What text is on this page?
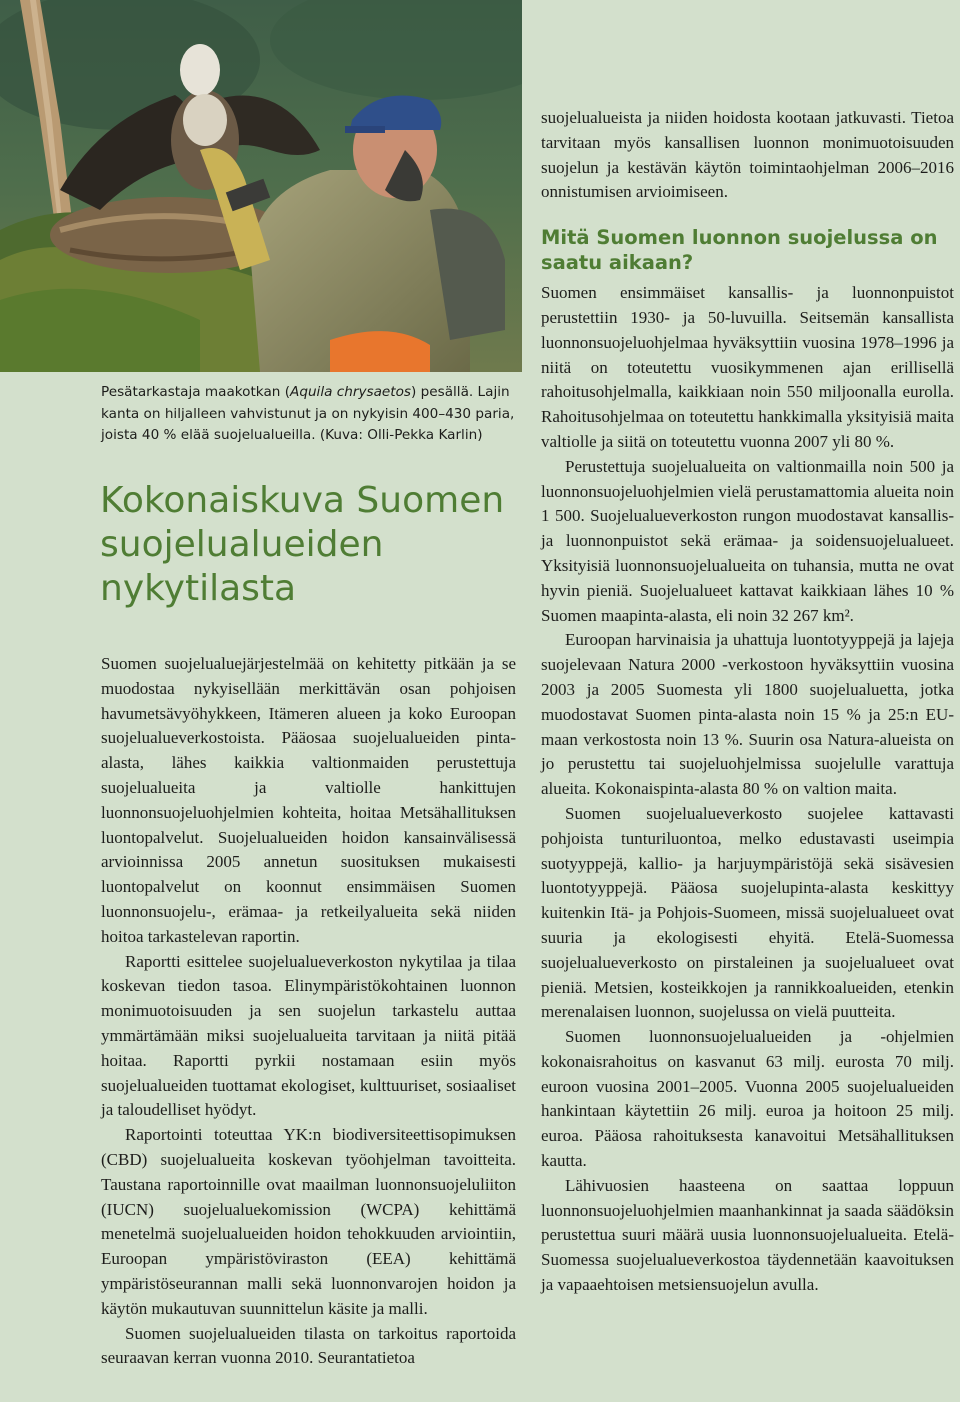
Pesätarkastaja maakotkan (Aquila chrysaetos) pesällä. Lajin kanta on hiljalleen vahvistunut ja on nykyisin 400–430 paria, joista 40 % elää suojelualueilla. (Kuva: Olli-Pekka Karlin)
Kokonaiskuva Suomen suojelualueiden nykytilasta

Suomen suojelualuejärjestelmää on kehitetty pitkään ja se muodostaa nykyisellään merkittävän osan pohjoisen havumetsävyöhykkeen, Itämeren alueen ja koko Euroopan suojelualueverkostoista. Pääosaa suojelualueiden pinta-alasta, lähes kaikkia valtionmaiden perustettuja suojelualueita ja valtiolle hankittujen luonnonsuojeluohjelmien kohteita, hoitaa Metsähallituksen luontopalvelut. Suojelualueiden hoidon kansainvälisessä arvioinnissa 2005 annetun suosituksen mukaisesti luontopalvelut on koonnut ensimmäisen Suomen luonnonsuojelu-, erämaa- ja retkeilyalueita sekä niiden hoitoa tarkastelevan raportin.

Raportti esittelee suojelualueverkoston nykytilaa ja tilaa koskevan tiedon tasoa. Elinympäristökohtainen luonnon monimuotoisuuden ja sen suojelun tarkastelu auttaa ymmärtämään miksi suojelualueita tarvitaan ja niitä pitää hoitaa. Raportti pyrkii nostamaan esiin myös suojelualueiden tuottamat ekologiset, kulttuuriset, sosiaaliset ja taloudelliset hyödyt.

Raportointi toteuttaa YK:n biodiversiteettisopimuksen (CBD) suojelualueita koskevan työohjelman tavoitteita. Taustana raportoinnille ovat maailman luonnonsuojeluliiton (IUCN) suojelualuekomission (WCPA) kehittämä menetelmä suojelualueiden hoidon tehokkuuden arviointiin, Euroopan ympäristöviraston (EEA) kehittämä ympäristöseurannan malli sekä luonnonvarojen hoidon ja käytön mukautuvan suunnittelun käsite ja malli.

Suomen suojelualueiden tilasta on tarkoitus raportoida seuraavan kerran vuonna 2010. Seurantatietoa

suojelualueista ja niiden hoidosta kootaan jatkuvasti. Tietoa tarvitaan myös kansallisen luonnon monimuotoisuuden suojelun ja kestävän käytön toimintaohjelman 2006–2016 onnistumisen arvioimiseen.

Mitä Suomen luonnon suojelussa on saatu aikaan?

Suomen ensimmäiset kansallis- ja luonnonpuistot perustettiin 1930- ja 50-luvuilla. Seitsemän kansallista luonnonsuojeluohjelmaa hyväksyttiin vuosina 1978–1996 ja niitä on toteutettu vuosikymmenen ajan erillisellä rahoitusohjelmalla, kaikkiaan noin 550 miljoonalla eurolla. Rahoitusohjelmaa on toteutettu hankkimalla yksityisiä maita valtiolle ja siitä on toteutettu vuonna 2007 yli 80 %.

Perustettuja suojelualueita on valtionmailla noin 500 ja luonnonsuojeluohjelmien vielä perustamattomia alueita noin 1 500. Suojelualueverkoston rungon muodostavat kansallis- ja luonnonpuistot sekä erämaa- ja soidensuojelualueet. Yksityisiä luonnonsuojelualueita on tuhansia, mutta ne ovat hyvin pieniä. Suojelualueet kattavat kaikkiaan lähes 10 % Suomen maapinta-alasta, eli noin 32 267 km².

Euroopan harvinaisia ja uhattuja luontotyyppejä ja lajeja suojelevaan Natura 2000 -verkostoon hyväksyttiin vuosina 2003 ja 2005 Suomesta yli 1800 suojelualuetta, jotka muodostavat Suomen pinta-alasta noin 15 % ja 25:n EU-maan verkostosta noin 13 %. Suurin osa Natura-alueista on jo perustettu tai suojeluohjelmissa suojelulle varattuja alueita. Kokonaispinta-alasta 80 % on valtion maita.

Suomen suojelualueverkosto suojelee kattavasti pohjoista tunturiluontoa, melko edustavasti useimpia suotyyppejä, kallio- ja harjuympäristöjä sekä sisävesien luontotyyppejä. Pääosa suojelupinta-alasta keskittyy kuitenkin Itä- ja Pohjois-Suomeen, missä suojelualueet ovat suuria ja ekologisesti ehyitä. Etelä-Suomessa suojelualueverkosto on pirstaleinen ja suojelualueet ovat pieniä. Metsien, kosteikkojen ja rannikkoalueiden, etenkin merenalaisen luonnon, suojelussa on vielä puutteita.

Suomen luonnonsuojelualueiden ja -ohjelmien kokonaisrahoitus on kasvanut 63 milj. eurosta 70 milj. euroon vuosina 2001–2005. Vuonna 2005 suojelualueiden hankintaan käytettiin 26 milj. euroa ja hoitoon 25 milj. euroa. Pääosa rahoituksesta kanavoitui Metsähallituksen kautta.

Lähivuosien haasteena on saattaa loppuun luonnonsuojeluohjelmien maanhankinnat ja saada säädöksin perustettua suuri määrä uusia luonnonsuojelualueita. Etelä-Suomessa suojelualueverkostoa täydennetään kaavoituksen ja vapaaehtoisen metsiensuojelun avulla.
